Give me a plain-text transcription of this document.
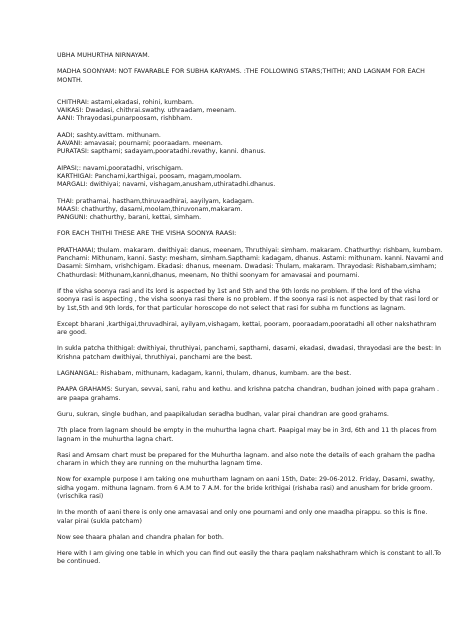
UBHA MUHURTHA NIRNAYAM.

MADHA SOONYAM: NOT FAVARABLE FOR SUBHA KARYAMS. :THE FOLLOWING STARS;THITHI; AND LAGNAM FOR EACH MONTH.

CHITHRAI: astami,ekadasi, rohini, kumbam.
VAIKASI: Dwadasi, chithrai.swathy. uthraadam, meenam.
AANI: Thrayodasi,punarpoosam, rishbham.
AADI; sashty.avittam. mithunam.
AAVANI: amavasai; pournami; pooraadam. meenam.
PURATASI: sapthami; sadayam,pooratadhi.revathy, kanni. dhanus.
AIPASI;: navami,pooratadhi, vrischigam.
KARTHIGAI: Panchami,karthigai, poosam, magam,moolam.
MARGALI: dwithiyai; navami, vishagam,anusham,uthiratadhi.dhanus.
THAI: prathamai, hastham,thiruvaadhirai, aayilyam, kadagam.
MAASI: chathurthy, dasami,moolam,thiruvonam,makaram.
PANGUNI: chathurthy, barani, kettai, simham.

FOR EACH THITHI THESE ARE THE VISHA SOONYA RAASI:

PRATHAMAI; thulam. makaram. dwithiyai: danus, meenam, Thruthiyai: simham. makaram. Chathurthy: rishbam, kumbam. Panchami: Mithunam, kanni. Sasty: mesham, simham.Sapthami: kadagam, dhanus. Astami: mithunam. kanni. Navami and Dasami: Simham, vrishchigam. Ekadasi: dhanus, meenam. Dwadasi: Thulam, makaram. Thrayodasi: Rishabam,simham; Chathurdasi: Mithunam,kanni,dhanus, meenam, No thithi soonyam for amavasai and pournami.

If the visha soonya rasi and its lord is aspected by 1st and 5th and the 9th lords no problem. If the lord of the visha soonya rasi is aspecting , the visha soonya rasi there is no problem. If the soonya rasi is not aspected by that rasi lord or by 1st,5th and 9th lords, for that particular horoscope do not select that rasi for subha m functions as lagnam.

Except bharani ,karthigai,thruvadhirai, ayilyam,vishagam, kettai, pooram, pooraadam,pooratadhi all other nakshathram are good.

In sukla patcha thithigal: dwithiyai, thruthiyai, panchami, sapthami, dasami, ekadasi, dwadasi, thrayodasi are the best: In Krishna patcham dwithiyai, thruthiyai, panchami are the best.

LAGNANGAL: Rishabam, mithunam, kadagam, kanni, thulam, dhanus, kumbam. are the best.

PAAPA GRAHAMS: Suryan, sevvai, sani, rahu and kethu. and krishna patcha chandran, budhan joined with papa graham . are paapa grahams.

Guru, sukran, single budhan, and paapikaludan seradha budhan, valar pirai chandran are good grahams.

7th place from lagnam should be empty in the muhurtha lagna chart. Paapigal may be in 3rd, 6th and 11 th places from lagnam in the muhurtha lagna chart.

Rasi and Amsam chart must be prepared for the Muhurtha lagnam. and also note the details of each graham the padha charam in which they are running on the muhurtha lagnam time.

Now for example purpose I am taking one muhurtham lagnam on aani 15th, Date: 29-06-2012. Friday, Dasami, swathy, sidha yogam. mithuna lagnam. from 6 A.M to 7 A.M. for the bride krithigai (rishaba rasi) and anusham for bride groom.(vrischika rasi)

In the month of aani there is only one amavasai and only one pournami and only one maadha pirappu. so this is fine. valar pirai (sukla patcham)

Now see thaara phalan and chandra phalan for both.

Here with I am giving one table in which you can find out easily the thara paqlam nakshathram which is constant to all.To be continued.
